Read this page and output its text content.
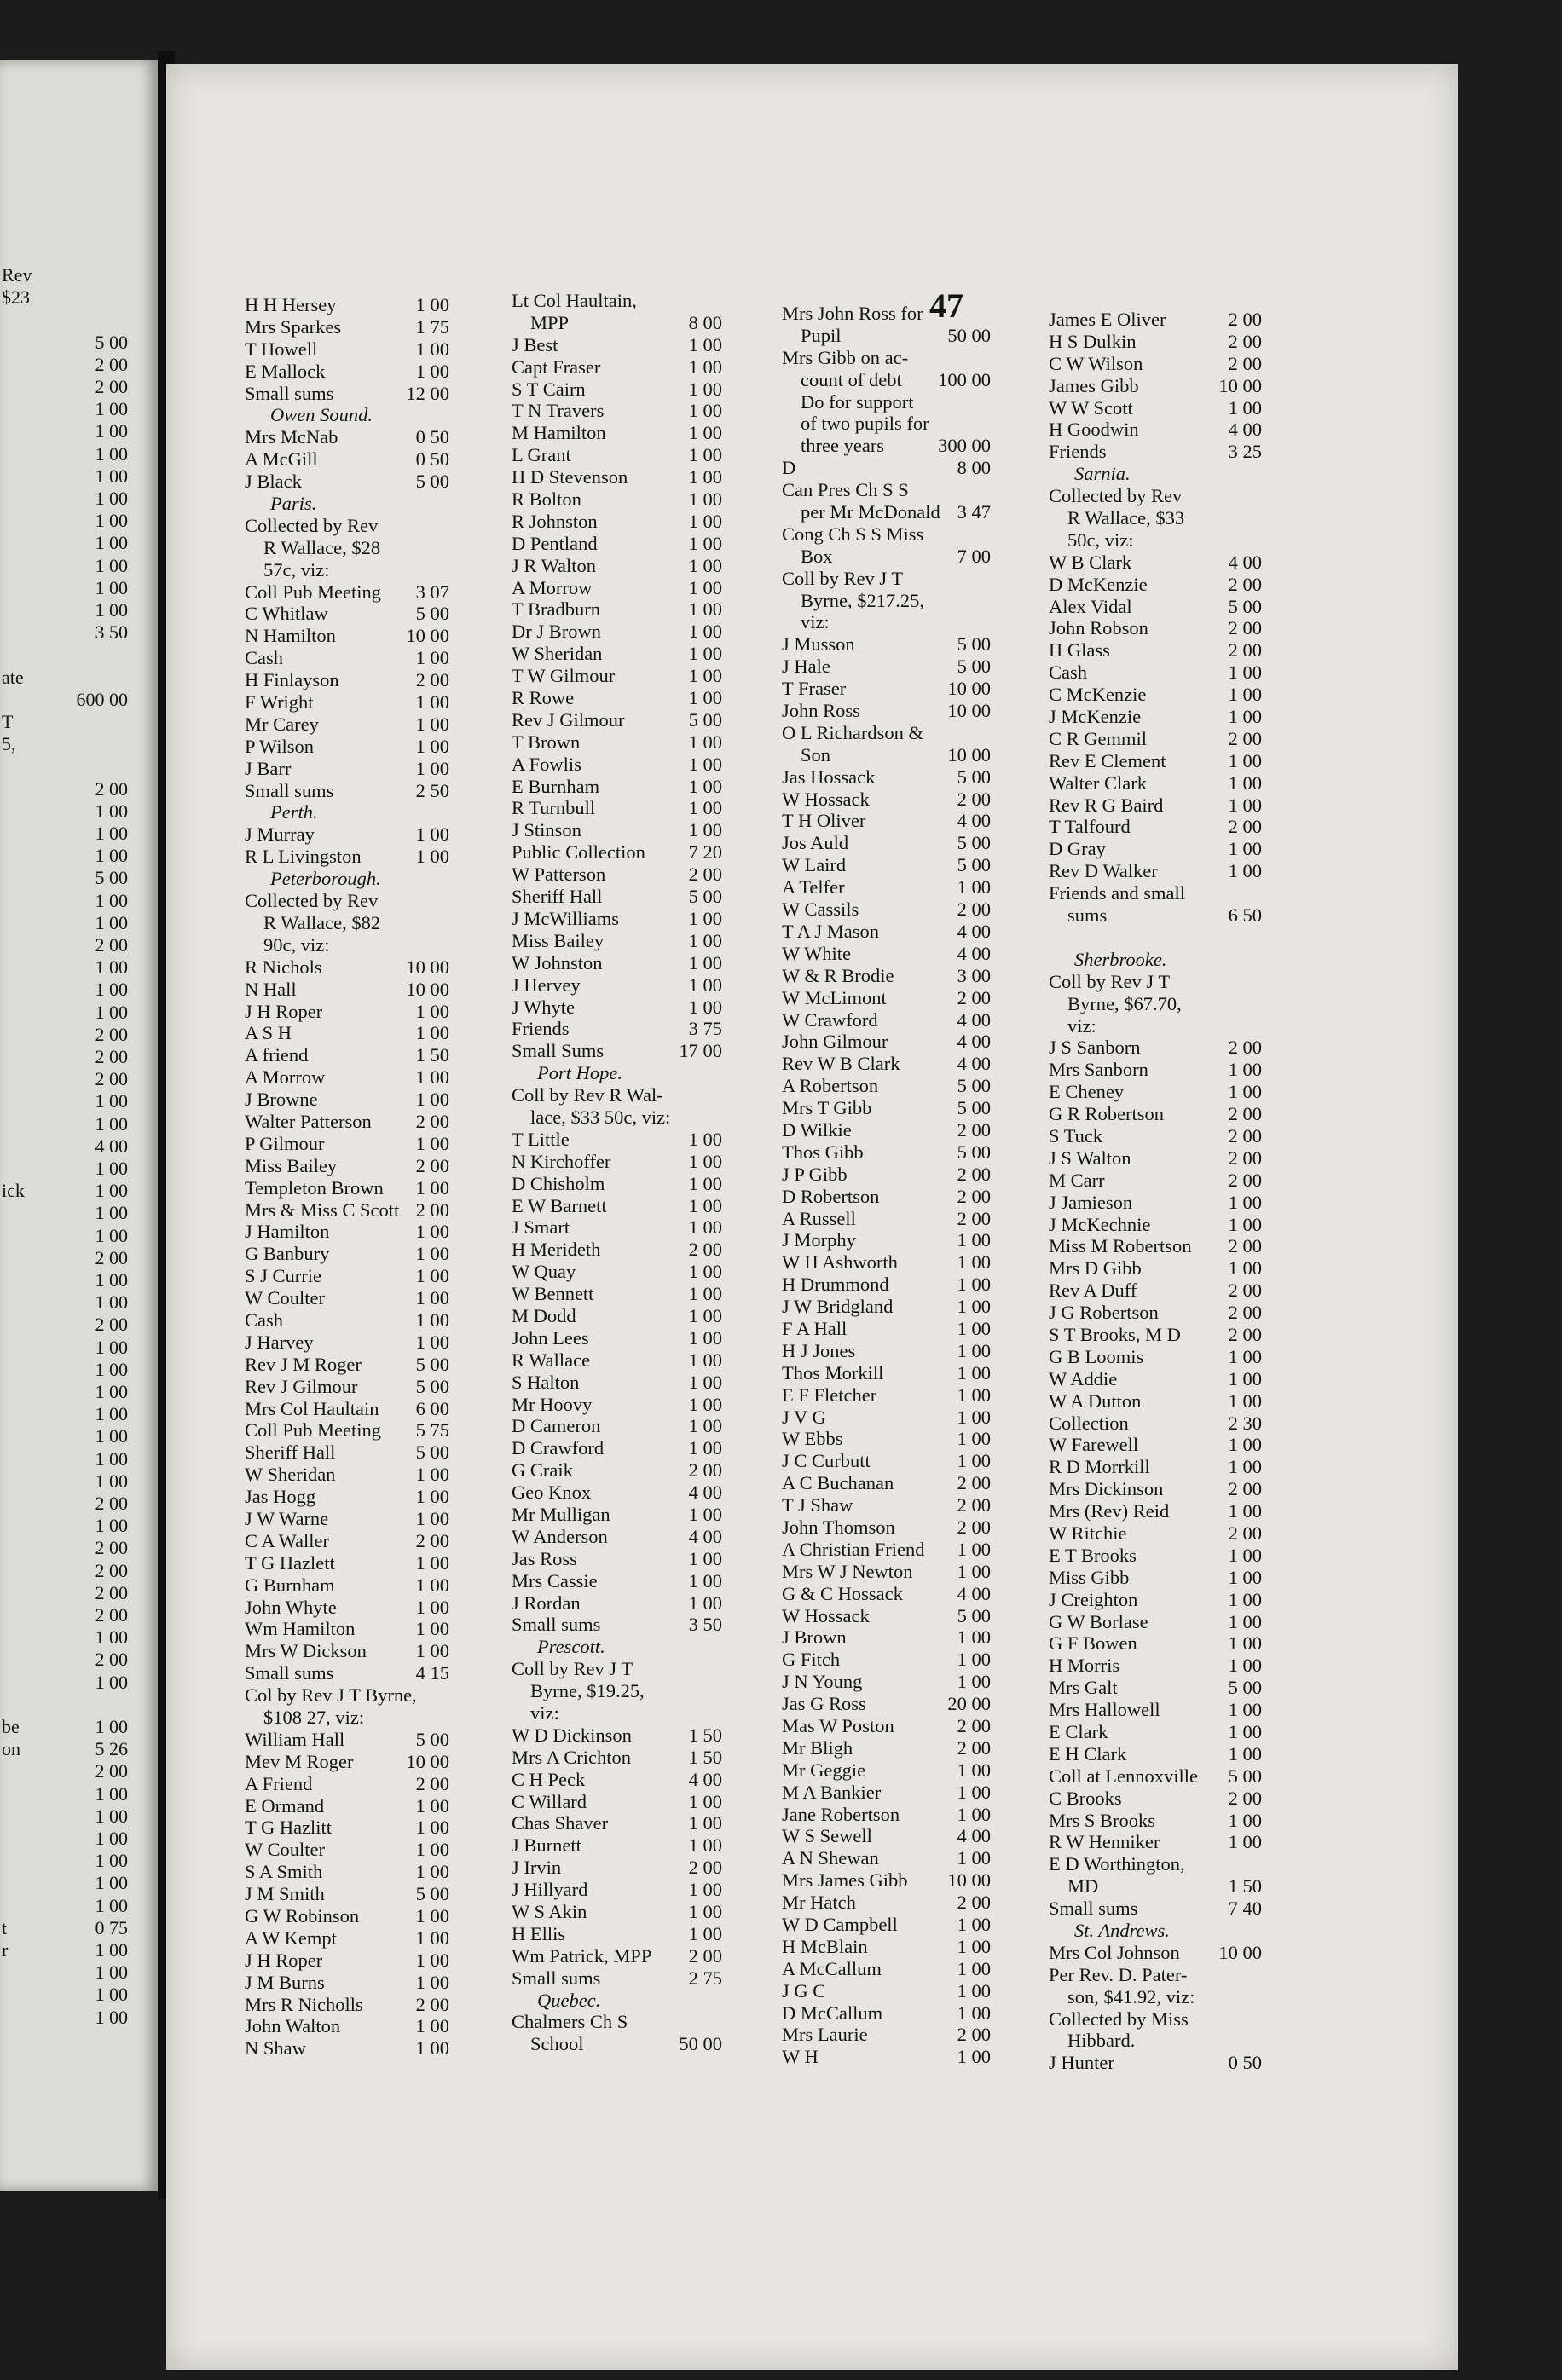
Rev
$23
5 00
2 00
2 00
1 00
1 00
1 00
1 00
1 00
1 00
1 00
1 00
1 00
1 00
3 50
ate
600 00
T
5,
2 00
1 00
1 00
1 00
5 00
1 00
1 00
2 00
1 00
1 00
1 00
2 00
2 00
2 00
1 00
1 00
4 00
1 00
ick	1 00
1 00
1 00
2 00
1 00
1 00
2 00
1 00
1 00
1 00
1 00
1 00
1 00
1 00
2 00
1 00
2 00
2 00
2 00
2 00
1 00
2 00
1 00
be	1 00
on	5 26
2 00
1 00
1 00
1 00
1 00
1 00
1 00
t	0 75
r	1 00
1 00
1 00
1 00
47
H H Hersey	1 00
Mrs Sparkes	1 75
T Howell	1 00
E Mallock	1 00
Small sums	12 00
Owen Sound.
Mrs McNab	0 50
A McGill	0 50
J Black	5 00
Paris.
Collected by Rev
R Wallace, $28
57c, viz:
Coll Pub Meeting 3 07
C Whitlaw	5 00
N Hamilton	10 00
Cash	1 00
H Finlayson	2 00
F Wright	1 00
Mr Carey	1 00
P Wilson	1 00
J Barr	1 00
Small sums	2 50
Perth.
J Murray	1 00
R L Livingston	1 00
Peterborough.
Collected by Rev
R Wallace, $82
90c, viz:
R Nichols	10 00
N Hall	10 00
J H Roper	1 00
A S H	1 00
A friend	1 50
A Morrow	1 00
J Browne	1 00
Walter Patterson 2 00
P Gilmour	1 00
Miss Bailey	2 00
Templeton Brown 1 00
Mrs & Miss C Scott 2 00
J Hamilton	1 00
G Banbury	1 00
S J Currie	1 00
W Coulter	1 00
Cash	1 00
J Harvey	1 00
Rev J M Roger	5 00
Rev J Gilmour	5 00
Mrs Col Haultain 6 00
Coll Pub Meeting 5 75
Sheriff Hall	5 00
W Sheridan	1 00
Jas Hogg	1 00
J W Warne	1 00
C A Waller	2 00
T G Hazlett	1 00
G Burnham	1 00
John Whyte	1 00
Wm Hamilton	1 00
Mrs W Dickson	1 00
Small sums	4 15
Col by Rev J T Byrne,
$108 27, viz:
William Hall	5 00
Mev M Roger	10 00
A Friend	2 00
E Ormand	1 00
T G Hazlitt	1 00
W Coulter	1 00
S A Smith	1 00
J M Smith	5 00
G W Robinson	1 00
A W Kempt	1 00
J H Roper	1 00
J M Burns	1 00
Mrs R Nicholls	2 00
John Walton	1 00
N Shaw	1 00
Lt Col Haultain,
MPP	8 00
J Best	1 00
Capt Fraser	1 00
S T Cairn	1 00
T N Travers	1 00
M Hamilton	1 00
L Grant	1 00
H D Stevenson	1 00
R Bolton	1 00
R Johnston	1 00
D Pentland	1 00
J R Walton	1 00
A Morrow	1 00
T Bradburn	1 00
Dr J Brown	1 00
W Sheridan	1 00
T W Gilmour	1 00
R Rowe	1 00
Rev J Gilmour	5 00
T Brown	1 00
A Fowlis	1 00
E Burnham	1 00
R Turnbull	1 00
J Stinson	1 00
Public Collection 7 20
W Patterson	2 00
Sheriff Hall	5 00
J McWilliams	1 00
Miss Bailey	1 00
W Johnston	1 00
J Hervey	1 00
J Whyte	1 00
Friends	3 75
Small Sums	17 00
Port Hope.
Coll by Rev R Wal-
lace, $33 50c, viz:
T Little	1 00
N Kirchoffer	1 00
D Chisholm	1 00
E W Barnett	1 00
J Smart	1 00
H Merideth	2 00
W Quay	1 00
W Bennett	1 00
M Dodd	1 00
John Lees	1 00
R Wallace	1 00
S Halton	1 00
Mr Hoovy	1 00
D Cameron	1 00
D Crawford	1 00
G Craik	2 00
Geo Knox	4 00
Mr Mulligan	1 00
W Anderson	4 00
Jas Ross	1 00
Mrs Cassie	1 00
J Rordan	1 00
Small sums	3 50
Prescott.
Coll by Rev J T
Byrne, $19.25,
viz:
W D Dickinson	1 50
Mrs A Crichton	1 50
C H Peck	4 00
C Willard	1 00
Chas Shaver	1 00
J Burnett	1 00
J Irvin	2 00
J Hillyard	1 00
W S Akin	1 00
H Ellis	1 00
Wm Patrick, MPP 2 00
Small sums	2 75
Quebec.
Chalmers Ch S
School	50 00
Mrs John Ross for
Pupil	50 00
Mrs Gibb on ac-
count of debt 100 00
Do for support
of two pupils for
three years	300 00
D	8 00
Can Pres Ch S S
per Mr McDonald 3 47
Cong Ch S S Miss
Box	7 00
Coll by Rev J T
Byrne, $217.25,
viz:
J Musson	5 00
J Hale	5 00
T Fraser	10 00
John Ross	10 00
O L Richardson &
Son	10 00
Jas Hossack	5 00
W Hossack	2 00
T H Oliver	4 00
Jos Auld	5 00
W Laird	5 00
A Telfer	1 00
W Cassils	2 00
T A J Mason	4 00
W White	4 00
W & R Brodie	3 00
W McLimont	2 00
W Crawford	4 00
John Gilmour	4 00
Rev W B Clark	4 00
A Robertson	5 00
Mrs T Gibb	5 00
D Wilkie	2 00
Thos Gibb	5 00
J P Gibb	2 00
D Robertson	2 00
A Russell	2 00
J Morphy	1 00
W H Ashworth	1 00
H Drummond	1 00
J W Bridgland	1 00
F A Hall	1 00
H J Jones	1 00
Thos Morkill	1 00
E F Fletcher	1 00
J V G	1 00
W Ebbs	1 00
J C Curbutt	1 00
A C Buchanan	2 00
T J Shaw	2 00
John Thomson	2 00
A Christian Friend 1 00
Mrs W J Newton 1 00
G & C Hossack	4 00
W Hossack	5 00
J Brown	1 00
G Fitch	1 00
J N Young	1 00
Jas G Ross	20 00
Mas W Poston	2 00
Mr Bligh	2 00
Mr Geggie	1 00
M A Bankier	1 00
Jane Robertson	1 00
W S Sewell	4 00
A N Shewan	1 00
Mrs James Gibb 10 00
Mr Hatch	2 00
W D Campbell	1 00
H McBlain	1 00
A McCallum	1 00
J G C	1 00
D McCallum	1 00
Mrs Laurie	2 00
W H	1 00
James E Oliver	2 00
H S Dulkin	2 00
C W Wilson	2 00
James Gibb	10 00
W W Scott	1 00
H Goodwin	4 00
Friends	3 25
Sarnia.
Collected by Rev
R Wallace, $33
50c, viz:
W B Clark	4 00
D McKenzie	2 00
Alex Vidal	5 00
John Robson	2 00
H Glass	2 00
Cash	1 00
C McKenzie	1 00
J McKenzie	1 00
C R Gemmil	2 00
Rev E Clement	1 00
Walter Clark	1 00
Rev R G Baird	1 00
T Talfourd	2 00
D Gray	1 00
Rev D Walker	1 00
Friends and small
sums	6 50
Sherbrooke.
Coll by Rev J T
Byrne, $67.70,
viz:
J S Sanborn	2 00
Mrs Sanborn	1 00
E Cheney	1 00
G R Robertson	2 00
S Tuck	2 00
J S Walton	2 00
M Carr	2 00
J Jamieson	1 00
J McKechnie	1 00
Miss M Robertson 2 00
Mrs D Gibb	1 00
Rev A Duff	2 00
J G Robertson	2 00
S T Brooks, M D 2 00
G B Loomis	1 00
W Addie	1 00
W A Dutton	1 00
Collection	2 30
W Farewell	1 00
R D Morrkill	1 00
Mrs Dickinson	2 00
Mrs (Rev) Reid	1 00
W Ritchie	2 00
E T Brooks	1 00
Miss Gibb	1 00
J Creighton	1 00
G W Borlase	1 00
G F Bowen	1 00
H Morris	1 00
Mrs Galt	5 00
Mrs Hallowell	1 00
E Clark	1 00
E H Clark	1 00
Coll at Lennoxville 5 00
C Brooks	2 00
Mrs S Brooks	1 00
R W Henniker	1 00
E D Worthington,
MD	1 50
Small sums	7 40
St. Andrews.
Mrs Col Johnson 10 00
Per Rev. D. Pater-
son, $41.92, viz:
Collected by Miss
Hibbard.
J Hunter	0 50
